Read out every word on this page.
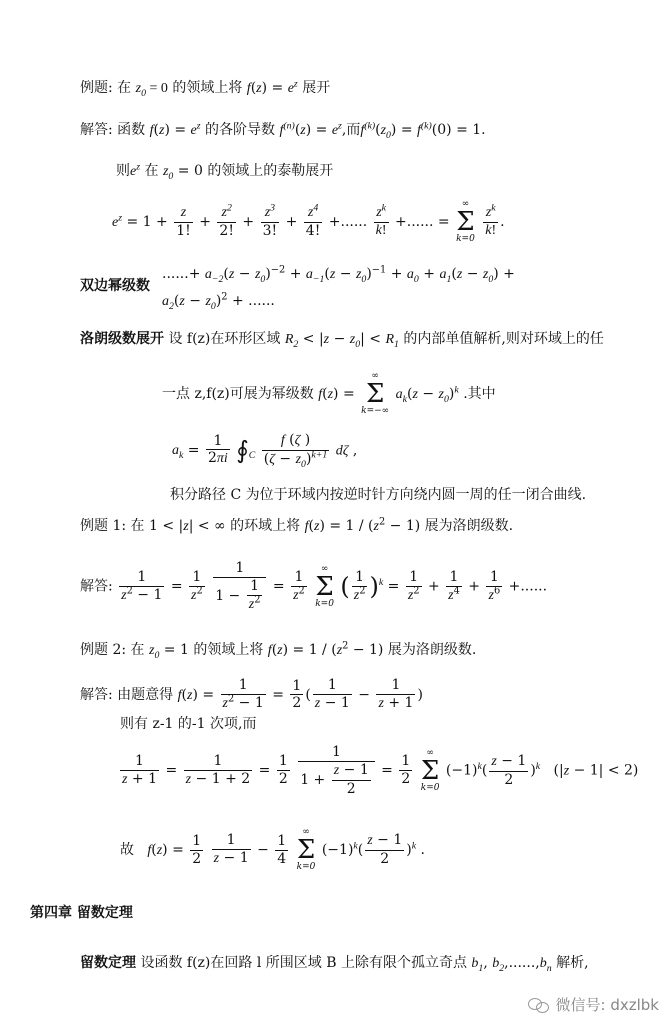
例题: 在 $z_0 = 0$ 的领域上将 $f(z) = e^z$ 展开
解答: 函数 $f(z) = e^z$ 的各阶导数 $f^{(n)}(z) = e^z$,而$f^{(k)}(z_0) = f^{(k)}(0) = 1$.
则$e^z$ 在 $z_0 = 0$ 的领域上的泰勒展开
$e^z = 1 + \frac{z}{1!} + \frac{z^2}{2!} + \frac{z^3}{3!} + \frac{z^4}{4!}$ +...... $\frac{z^k}{k!}$ +...... =
∞
Σ
k=0
$\frac{z^k}{k!}$ .
双边幂级数
......+ $a_{-2}(z - z_0)^{-2} + a_{-1}(z - z_0)^{-1} + a_0 + a_1(z - z_0)$ +
$a_2(z - z_0)^2$ + ......
洛朗级数展开 设 f(z)在环形区域 $R_2 < |z - z_0| < R_1$ 的内部单值解析,则对环域上的任
一点 z,f(z)可展为幂级数 f(z) =
∞
Σ
k=−∞
$a_k(z - z_0)^k$ .其中
$a_k = \frac{1}{2\pi i}$ $∮_C \frac{f (\zeta )}{(\zeta - z_0)^{k+1}}$ dζ ,
积分路径 C 为位于环域内按逆时针方向绕内圆一周的任一闭合曲线.
例题 1: 在 1 < |z| < ∞ 的环域上将 $f(z) = 1 / (z^2 - 1)$ 展为洛朗级数.
解答: $\frac{1}{z^2 - 1} = \frac{1}{z^2}$
$\frac{1}{1 - \frac{1}{z^2}} = \frac{1}{z^2}$

∞
Σ
k=0
( $\frac{1}{z^2} )^k = \frac{1}{z^2} + \frac{1}{z^4} + \frac{1}{z^6}$ +......
例题 2: 在 $z_0 = 1$ 的领域上将 $f(z) = 1 / (z^2 - 1)$ 展为洛朗级数.
解答: 由题意得 $f(z) = \frac{1}{z^2 - 1} = \frac{1}{2}$ ( $\frac{1}{z - 1} - \frac{1}{z + 1}$ )
则有 z-1 的-1 次项,而
$\frac{1}{z + 1} = \frac{1}{z - 1 + 2} = \frac{1}{2}$
$\frac{1}{1 + \frac{z - 1}{2}} = \frac{1}{2}$

∞
Σ
k=0
$(-1)^k( \frac{z - 1}{2} )^k$   (|z − 1| < 2)
故 $f(z) = \frac{1}{2}$
$\frac{1}{z - 1} - \frac{1}{4}$

∞
Σ
k=0
$(-1)^k( \frac{z - 1}{2} )^k$ .
第四章 留数定理
留数定理 设函数 f(z)在回路 l 所围区域 B 上除有限个孤立奇点 $b_1$, $b_2,......,b_n$ 解析,
微信号: dxzlbk
